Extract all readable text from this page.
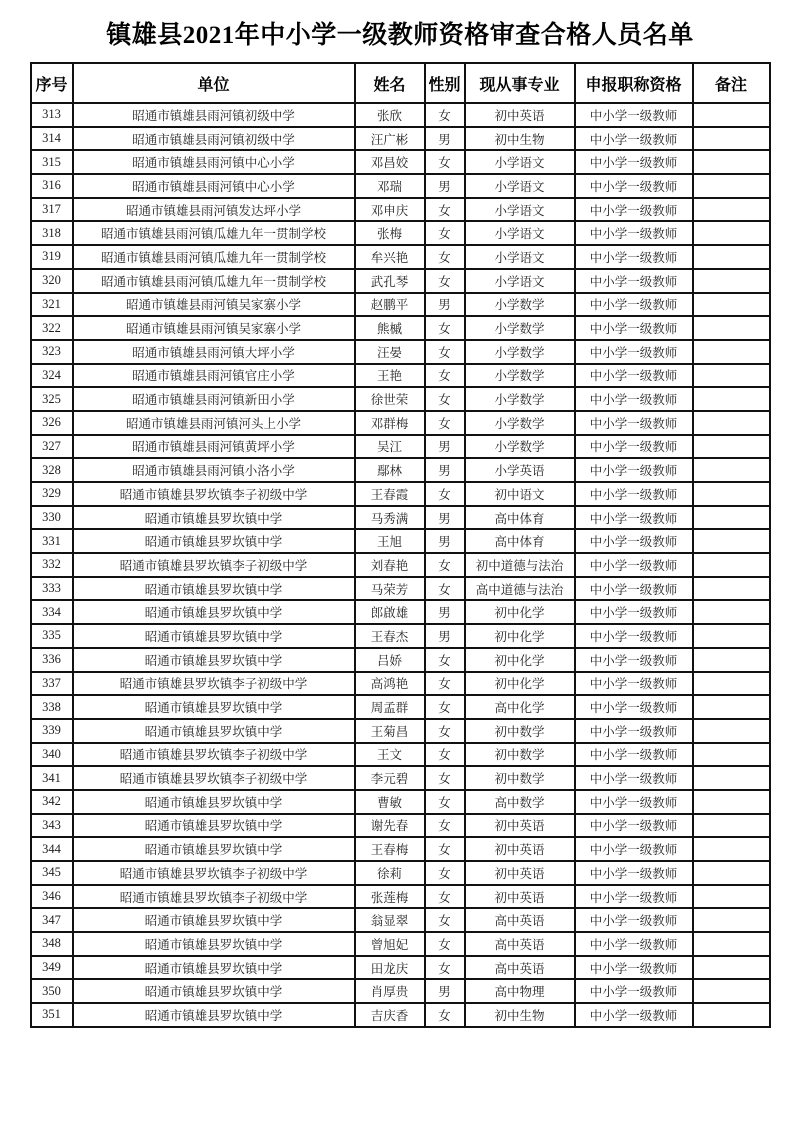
镇雄县2021年中小学一级教师资格审查合格人员名单
序号	单位	姓名	性别	现从事专业	申报职称资格	备注
313	昭通市镇雄县雨河镇初级中学	张欣	女	初中英语	中小学一级教师	
314	昭通市镇雄县雨河镇初级中学	汪广彬	男	初中生物	中小学一级教师	
315	昭通市镇雄县雨河镇中心小学	邓昌姣	女	小学语文	中小学一级教师	
316	昭通市镇雄县雨河镇中心小学	邓瑞	男	小学语文	中小学一级教师	
317	昭通市镇雄县雨河镇发达坪小学	邓申庆	女	小学语文	中小学一级教师	
318	昭通市镇雄县雨河镇瓜雄九年一贯制学校	张梅	女	小学语文	中小学一级教师	
319	昭通市镇雄县雨河镇瓜雄九年一贯制学校	牟兴艳	女	小学语文	中小学一级教师	
320	昭通市镇雄县雨河镇瓜雄九年一贯制学校	武孔琴	女	小学语文	中小学一级教师	
321	昭通市镇雄县雨河镇吴家寨小学	赵鹏平	男	小学数学	中小学一级教师	
322	昭通市镇雄县雨河镇吴家寨小学	熊槭	女	小学数学	中小学一级教师	
323	昭通市镇雄县雨河镇大坪小学	汪晏	女	小学数学	中小学一级教师	
324	昭通市镇雄县雨河镇官庄小学	王艳	女	小学数学	中小学一级教师	
325	昭通市镇雄县雨河镇新田小学	徐世荣	女	小学数学	中小学一级教师	
326	昭通市镇雄县雨河镇河头上小学	邓群梅	女	小学数学	中小学一级教师	
327	昭通市镇雄县雨河镇黄坪小学	吴江	男	小学数学	中小学一级教师	
328	昭通市镇雄县雨河镇小洛小学	鄢林	男	小学英语	中小学一级教师	
329	昭通市镇雄县罗坎镇李子初级中学	王春霞	女	初中语文	中小学一级教师	
330	昭通市镇雄县罗坎镇中学	马秀满	男	高中体育	中小学一级教师	
331	昭通市镇雄县罗坎镇中学	王旭	男	高中体育	中小学一级教师	
332	昭通市镇雄县罗坎镇李子初级中学	刘春艳	女	初中道德与法治	中小学一级教师	
333	昭通市镇雄县罗坎镇中学	马荣芳	女	高中道德与法治	中小学一级教师	
334	昭通市镇雄县罗坎镇中学	郎啟雄	男	初中化学	中小学一级教师	
335	昭通市镇雄县罗坎镇中学	王春杰	男	初中化学	中小学一级教师	
336	昭通市镇雄县罗坎镇中学	吕娇	女	初中化学	中小学一级教师	
337	昭通市镇雄县罗坎镇李子初级中学	高鸿艳	女	初中化学	中小学一级教师	
338	昭通市镇雄县罗坎镇中学	周孟群	女	高中化学	中小学一级教师	
339	昭通市镇雄县罗坎镇中学	王菊昌	女	初中数学	中小学一级教师	
340	昭通市镇雄县罗坎镇李子初级中学	王文	女	初中数学	中小学一级教师	
341	昭通市镇雄县罗坎镇李子初级中学	李元碧	女	初中数学	中小学一级教师	
342	昭通市镇雄县罗坎镇中学	曹敏	女	高中数学	中小学一级教师	
343	昭通市镇雄县罗坎镇中学	谢先春	女	初中英语	中小学一级教师	
344	昭通市镇雄县罗坎镇中学	王春梅	女	初中英语	中小学一级教师	
345	昭通市镇雄县罗坎镇李子初级中学	徐莉	女	初中英语	中小学一级教师	
346	昭通市镇雄县罗坎镇李子初级中学	张莲梅	女	初中英语	中小学一级教师	
347	昭通市镇雄县罗坎镇中学	翁显翠	女	高中英语	中小学一级教师	
348	昭通市镇雄县罗坎镇中学	曾旭妃	女	高中英语	中小学一级教师	
349	昭通市镇雄县罗坎镇中学	田龙庆	女	高中英语	中小学一级教师	
350	昭通市镇雄县罗坎镇中学	肖厚贵	男	高中物理	中小学一级教师	
351	昭通市镇雄县罗坎镇中学	吉庆香	女	初中生物	中小学一级教师	
